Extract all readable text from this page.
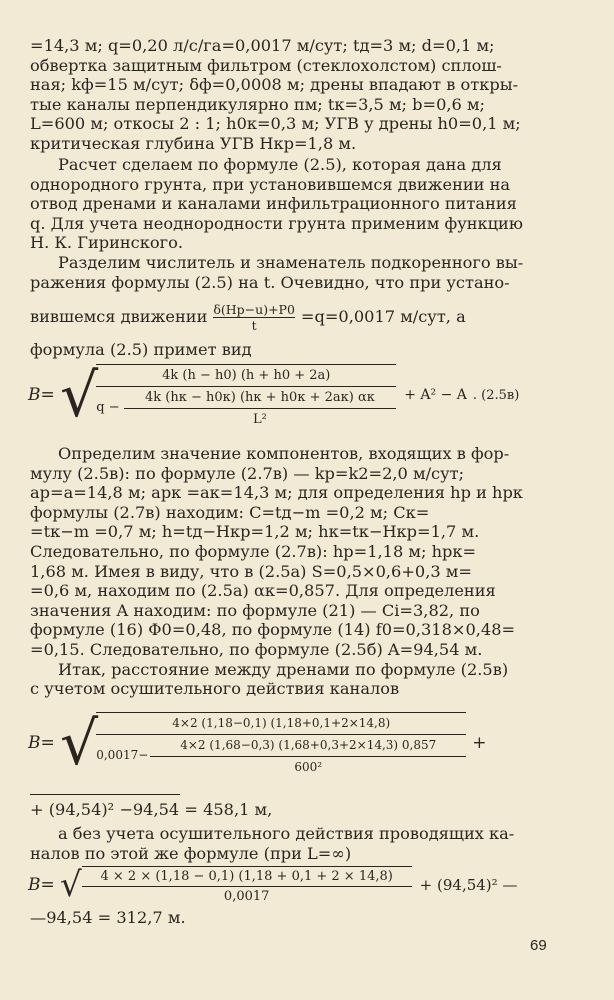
=14,3 м; q=0,20 л/с/га=0,0017 м/сут; tд=3 м; d=0,1 м;
обвертка защитным фильтром (стеклохолстом) сплош-
ная; kф=15 м/сут; δф=0,0008 м; дрены впадают в откры-
тые каналы перпендикулярно пм; tк=3,5 м; b=0,6 м;
L=600 м; откосы 2 : 1; h0к=0,3 м; УГВ у дрены h0=0,1 м;
критическая глубина УГВ Hкр=1,8 м.
Расчет сделаем по формуле (2.5), которая дана для
однородного грунта, при установившемся движении на
отвод дренами и каналами инфильтрационного питания
q. Для учета неоднородности грунта применим функцию
Н. К. Гиринского.
Разделим числитель и знаменатель подкоренного вы-
ражения формулы (2.5) на t. Очевидно, что при устано-
вившемся движении δ(Hр−u)+P0
t	=q=0,0017 м/сут, а
формула (2.5) примет вид
B= √	4k (h − h0) (h + h0 + 2a)
q −
4k (hк − h0к) (hк + h0к + 2aк) αк
L²
+ A² − A . (2.5в)
Определим значение компонентов, входящих в фор-
мулу (2.5в): по формуле (2.7в) — kр=k2=2,0 м/сут;
aр=a=14,8 м; aрк =aк=14,3 м; для определения hр и hрк
формулы (2.7в) находим: C=tд−m =0,2 м; Cк=
=tк−m =0,7 м; h=tд−Hкр=1,2 м; hк=tк−Hкр=1,7 м.
Следовательно, по формуле (2.7в): hр=1,18 м; hрк=
1,68 м. Имея в виду, что в (2.5а) S=0,5×0,6+0,3 м=
=0,6 м, находим по (2.5а) αк=0,857. Для определения
значения A находим: по формуле (21) — Ci=3,82, по
формуле (16) Φ0=0,48, по формуле (14) f0=0,318×0,48=
=0,15. Следовательно, по формуле (2.5б) A=94,54 м.
Итак, расстояние между дренами по формуле (2.5в)
с учетом осушительного действия каналов
B= √	4×2 (1,18−0,1) (1,18+0,1+2×14,8)
$0,0017- \frac{4\times 2 (1,68-0,3) (1,68+0,3+2\times 14,3) 0,857}{\text{600²}}$ +
+ (94,54)² −94,54 = 458,1 м,
а без учета осушительного действия проводящих ка-
налов по этой же формуле (при L=∞)
B= √ $\frac{4 \times 2 \times (1,18 - 0,1) (1,18 + 0,1 + 2 \times 14,8)}{0,0017} + (94,54)^2$ —
—94,54 = 312,7 м.
69
